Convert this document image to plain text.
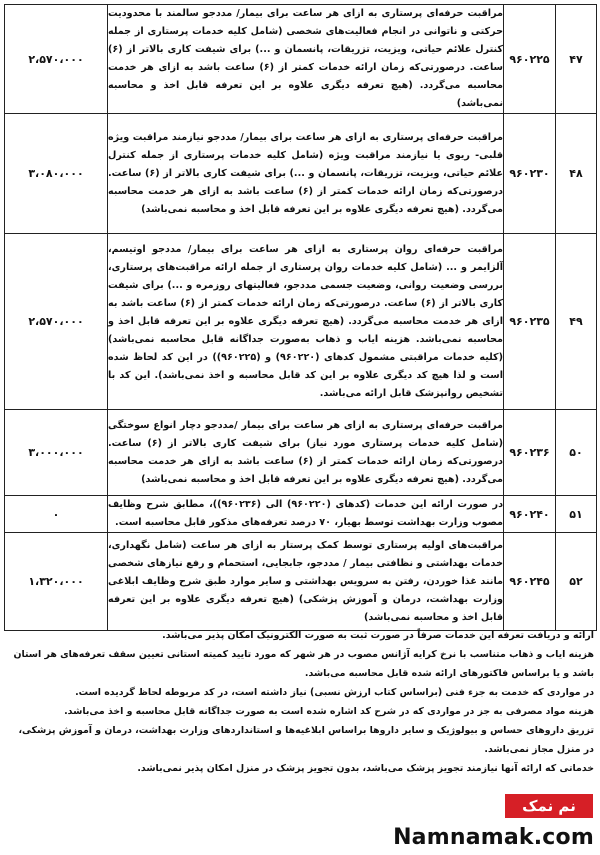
۴۷	۹۶۰۲۲۵	مراقبت حرفه‌ای پرستاری به ازای هر ساعت برای بیمار/ مددجو سالمند با محدودیت حرکتی و ناتوانی در انجام فعالیت‌های شخصی (شامل کلیه خدمات پرستاری از جمله کنترل علائم حیاتی، ویزیت، تزریقات، پانسمان و ...) برای شیفت کاری بالاتر از (۶) ساعت. درصورتی‌که زمان ارائه خدمات کمتر از (۶) ساعت باشد به ازای هر خدمت محاسبه می‌گردد. (هیچ تعرفه دیگری علاوه بر این تعرفه قابل اخذ و محاسبه نمی‌باشد)	۲،۵۷۰،۰۰۰
۴۸	۹۶۰۲۳۰	مراقبت حرفه‌ای پرستاری به ازای هر ساعت برای بیمار/ مددجو نیازمند مراقبت ویژه قلبی- ریوی یا نیازمند مراقبت ویژه (شامل کلیه خدمات پرستاری از جمله کنترل علائم حیاتی، ویزیت، تزریقات، پانسمان و ...) برای شیفت کاری بالاتر از (۶) ساعت. درصورتی‌که زمان ارائه خدمات کمتر از (۶) ساعت باشد به ازای هر خدمت محاسبه می‌گردد. (هیچ تعرفه دیگری علاوه بر این تعرفه قابل اخذ و محاسبه نمی‌باشد)	۳،۰۸۰،۰۰۰
۴۹	۹۶۰۲۳۵	مراقبت حرفه‌ای روان پرستاری به ازای هر ساعت برای بیمار/ مددجو اوتیسم، آلزایمر و ... (شامل کلیه خدمات روان پرستاری از جمله ارائه مراقبت‌های پرستاری، بررسی وضعیت روانی، وضعیت جسمی مددجو، فعالیتهای روزمره و ...) برای شیفت کاری بالاتر از (۶) ساعت. درصورتی‌که زمان ارائه خدمات کمتر از (۶) ساعت باشد به ازای هر خدمت محاسبه می‌گردد. (هیچ تعرفه دیگری علاوه بر این تعرفه قابل اخذ و محاسبه نمی‌باشد. هزینه ایاب و ذهاب به‌صورت جداگانه قابل محاسبه نمی‌باشد) (کلیه خدمات مراقبتی مشمول کدهای (۹۶۰۲۲۰) و (۹۶۰۲۲۵)) در این کد لحاظ شده است و لذا هیچ کد دیگری علاوه بر این کد قابل محاسبه و اخذ نمی‌باشد). این کد با تشخیص روانپزشک قابل ارائه می‌باشد.	۲،۵۷۰،۰۰۰
۵۰	۹۶۰۲۳۶	مراقبت حرفه‌ای پرستاری به ازای هر ساعت برای بیمار /مددجو دچار انواع سوختگی (شامل کلیه خدمات پرستاری مورد نیاز) برای شیفت کاری بالاتر از (۶) ساعت. درصورتی‌که زمان ارائه خدمات کمتر از (۶) ساعت باشد به ازای هر خدمت محاسبه می‌گردد. (هیچ تعرفه دیگری علاوه بر این تعرفه قابل اخذ و محاسبه نمی‌باشد)	۳،۰۰۰،۰۰۰
۵۱	۹۶۰۲۴۰	در صورت ارائه این خدمات (کدهای (۹۶۰۲۲۰) الی (۹۶۰۲۳۶))، مطابق شرح وظایف مصوب وزارت بهداشت توسط بهیار، ۷۰ درصد تعرفه‌های مذکور قابل محاسبه است.	۰
۵۲	۹۶۰۲۴۵	مراقبت‌های اولیه پرستاری توسط کمک پرستار به ازای هر ساعت (شامل نگهداری، خدمات بهداشتی و نظافتی بیمار / مددجو، جابجایی، استحمام و رفع نیازهای شخصی مانند غذا خوردن، رفتن به سرویس بهداشتی و سایر موارد طبق شرح وظایف ابلاغی وزارت بهداشت، درمان و آموزش پزشکی) (هیچ تعرفه دیگری علاوه بر این تعرفه قابل اخذ و محاسبه نمی‌باشد)	۱،۳۲۰،۰۰۰
ارائه و دریافت تعرفه این خدمات صرفاً در صورت ثبت به صورت الکترونیک امکان پذیر می‌باشد.
هزینه ایاب و ذهاب متناسب با نرخ کرایه آژانس مصوب در هر شهر که مورد تایید کمیته استانی تعیین سقف تعرفه‌های هر استان باشد و یا براساس فاکتورهای ارائه شده قابل محاسبه می‌باشد.
در مواردی که خدمت به جزء فنی (براساس کتاب ارزش نسبی) نیاز داشته است، در کد مربوطه لحاظ گردیده است.
هزینه مواد مصرفی به جز در مواردی که در شرح کد اشاره شده است به صورت جداگانه قابل محاسبه و اخذ می‌باشد.
تزریق داروهای حساس و بیولوژیک و سایر داروها براساس ابلاغیه‌ها و استانداردهای وزارت بهداشت، درمان و آموزش پزشکی، در منزل مجاز نمی‌باشد.
خدماتی که ارائه آنها نیازمند تجویز پزشک می‌باشد، بدون تجویز پزشک در منزل امکان پذیر نمی‌باشد.
نم نمک
Namnamak.com
